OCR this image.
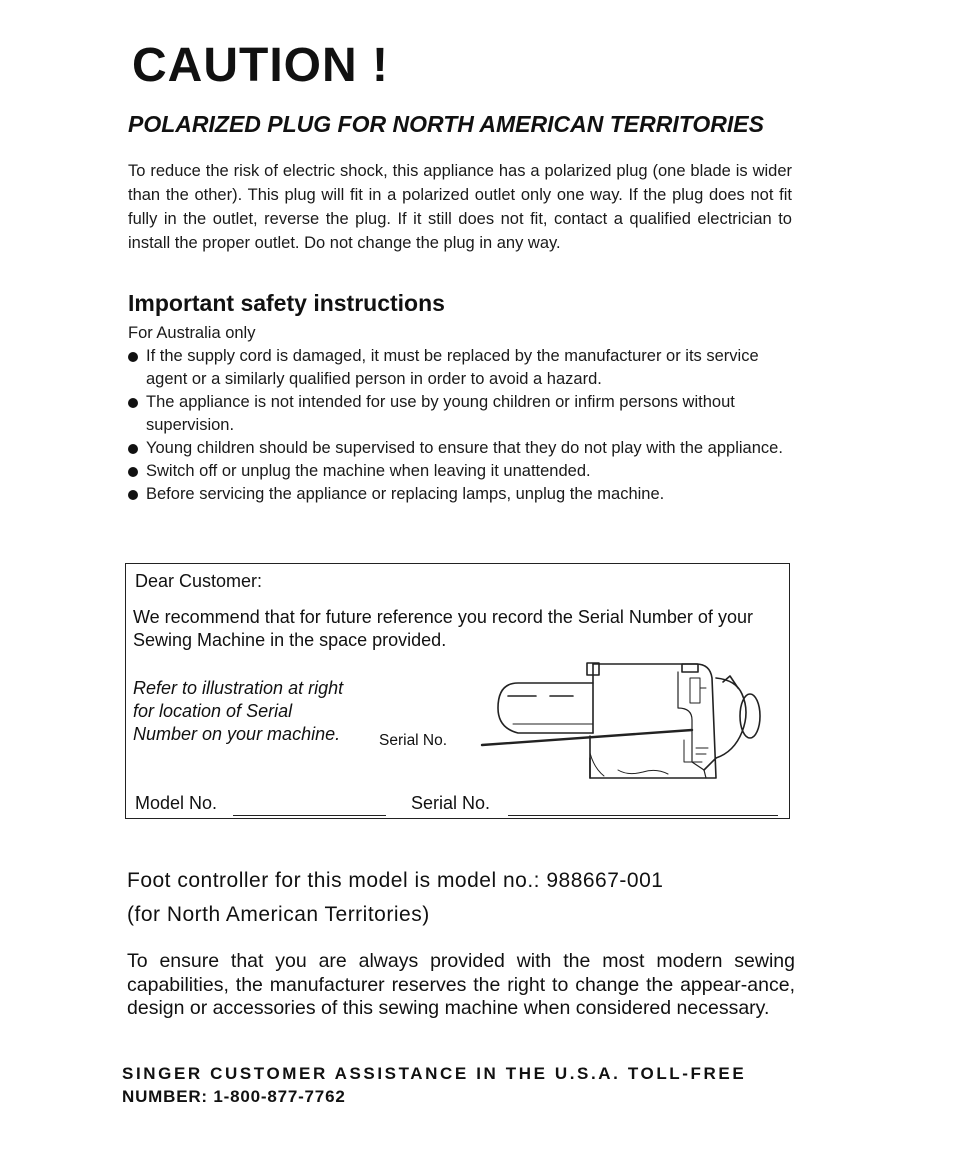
CAUTION !
POLARIZED PLUG FOR NORTH AMERICAN TERRITORIES
To reduce the risk of electric shock, this appliance has a polarized plug (one blade is wider than the other). This plug will fit in a polarized outlet only one way. If the plug does not fit fully in the outlet, reverse the plug. If it still does not fit, contact a qualified electrician to install the proper outlet. Do not change the plug in any way.
Important safety instructions
For Australia only
If the supply cord is damaged, it must be replaced by the manufacturer or its service agent or a similarly qualified person in order to avoid a hazard.
The appliance is not intended for use by young children or infirm persons without supervision.
Young children should be supervised to ensure that they do not play with the appliance.
Switch off or unplug the machine when leaving it unattended.
Before servicing the appliance or replacing lamps, unplug the machine.
Dear Customer:
We recommend that for future reference you record the Serial Number of your Sewing Machine in the space provided.
Refer to illustration at right for location of Serial Number on your machine.	Serial No.
Model No.	Serial No.
Foot controller for this model is model no.: 988667-001
(for North American Territories)
To ensure that you are always provided with the most modern sewing capabilities, the manufacturer reserves the right to change the appear-ance, design or accessories of this sewing machine when considered necessary.
SINGER CUSTOMER ASSISTANCE IN THE U.S.A. TOLL-FREE
NUMBER: 1-800-877-7762
